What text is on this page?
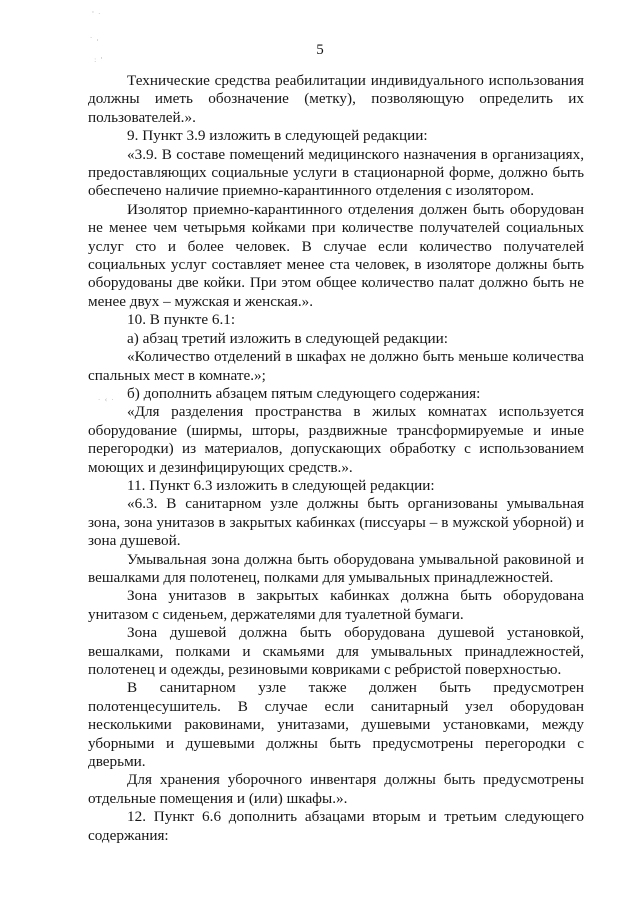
' ·
· ,
: '
· ‹ ·
5

Технические средства реабилитации индивидуального использования должны иметь обозначение (метку), позволяющую определить их пользователей.».

9. Пункт 3.9 изложить в следующей редакции:

«3.9. В составе помещений медицинского назначения в организациях, предоставляющих социальные услуги в стационарной форме, должно быть обеспечено наличие приемно-карантинного отделения с изолятором.

Изолятор приемно-карантинного отделения должен быть оборудован не менее чем четырьмя койками при количестве получателей социальных услуг сто и более человек. В случае если количество получателей социальных услуг составляет менее ста человек, в изоляторе должны быть оборудованы две койки. При этом общее количество палат должно быть не менее двух – мужская и женская.».

10. В пункте 6.1:

а) абзац третий изложить в следующей редакции:

«Количество отделений в шкафах не должно быть меньше количества спальных мест в комнате.»;

б) дополнить абзацем пятым следующего содержания:

«Для разделения пространства в жилых комнатах используется оборудование (ширмы, шторы, раздвижные трансформируемые и иные перегородки) из материалов, допускающих обработку с использованием моющих и дезинфицирующих средств.».

11. Пункт 6.3 изложить в следующей редакции:

«6.3. В санитарном узле должны быть организованы умывальная зона, зона унитазов в закрытых кабинках (писсуары – в мужской уборной) и зона душевой.

Умывальная зона должна быть оборудована умывальной раковиной и вешалками для полотенец, полками для умывальных принадлежностей.

Зона унитазов в закрытых кабинках должна быть оборудована унитазом с сиденьем, держателями для туалетной бумаги.

Зона душевой должна быть оборудована душевой установкой, вешалками, полками и скамьями для умывальных принадлежностей, полотенец и одежды, резиновыми ковриками с ребристой поверхностью.

В санитарном узле также должен быть предусмотрен полотенцесушитель. В случае если санитарный узел оборудован несколькими раковинами, унитазами, душевыми установками, между уборными и душевыми должны быть предусмотрены перегородки с дверьми.

Для хранения уборочного инвентаря должны быть предусмотрены отдельные помещения и (или) шкафы.».

12. Пункт 6.6 дополнить абзацами вторым и третьим следующего содержания:
